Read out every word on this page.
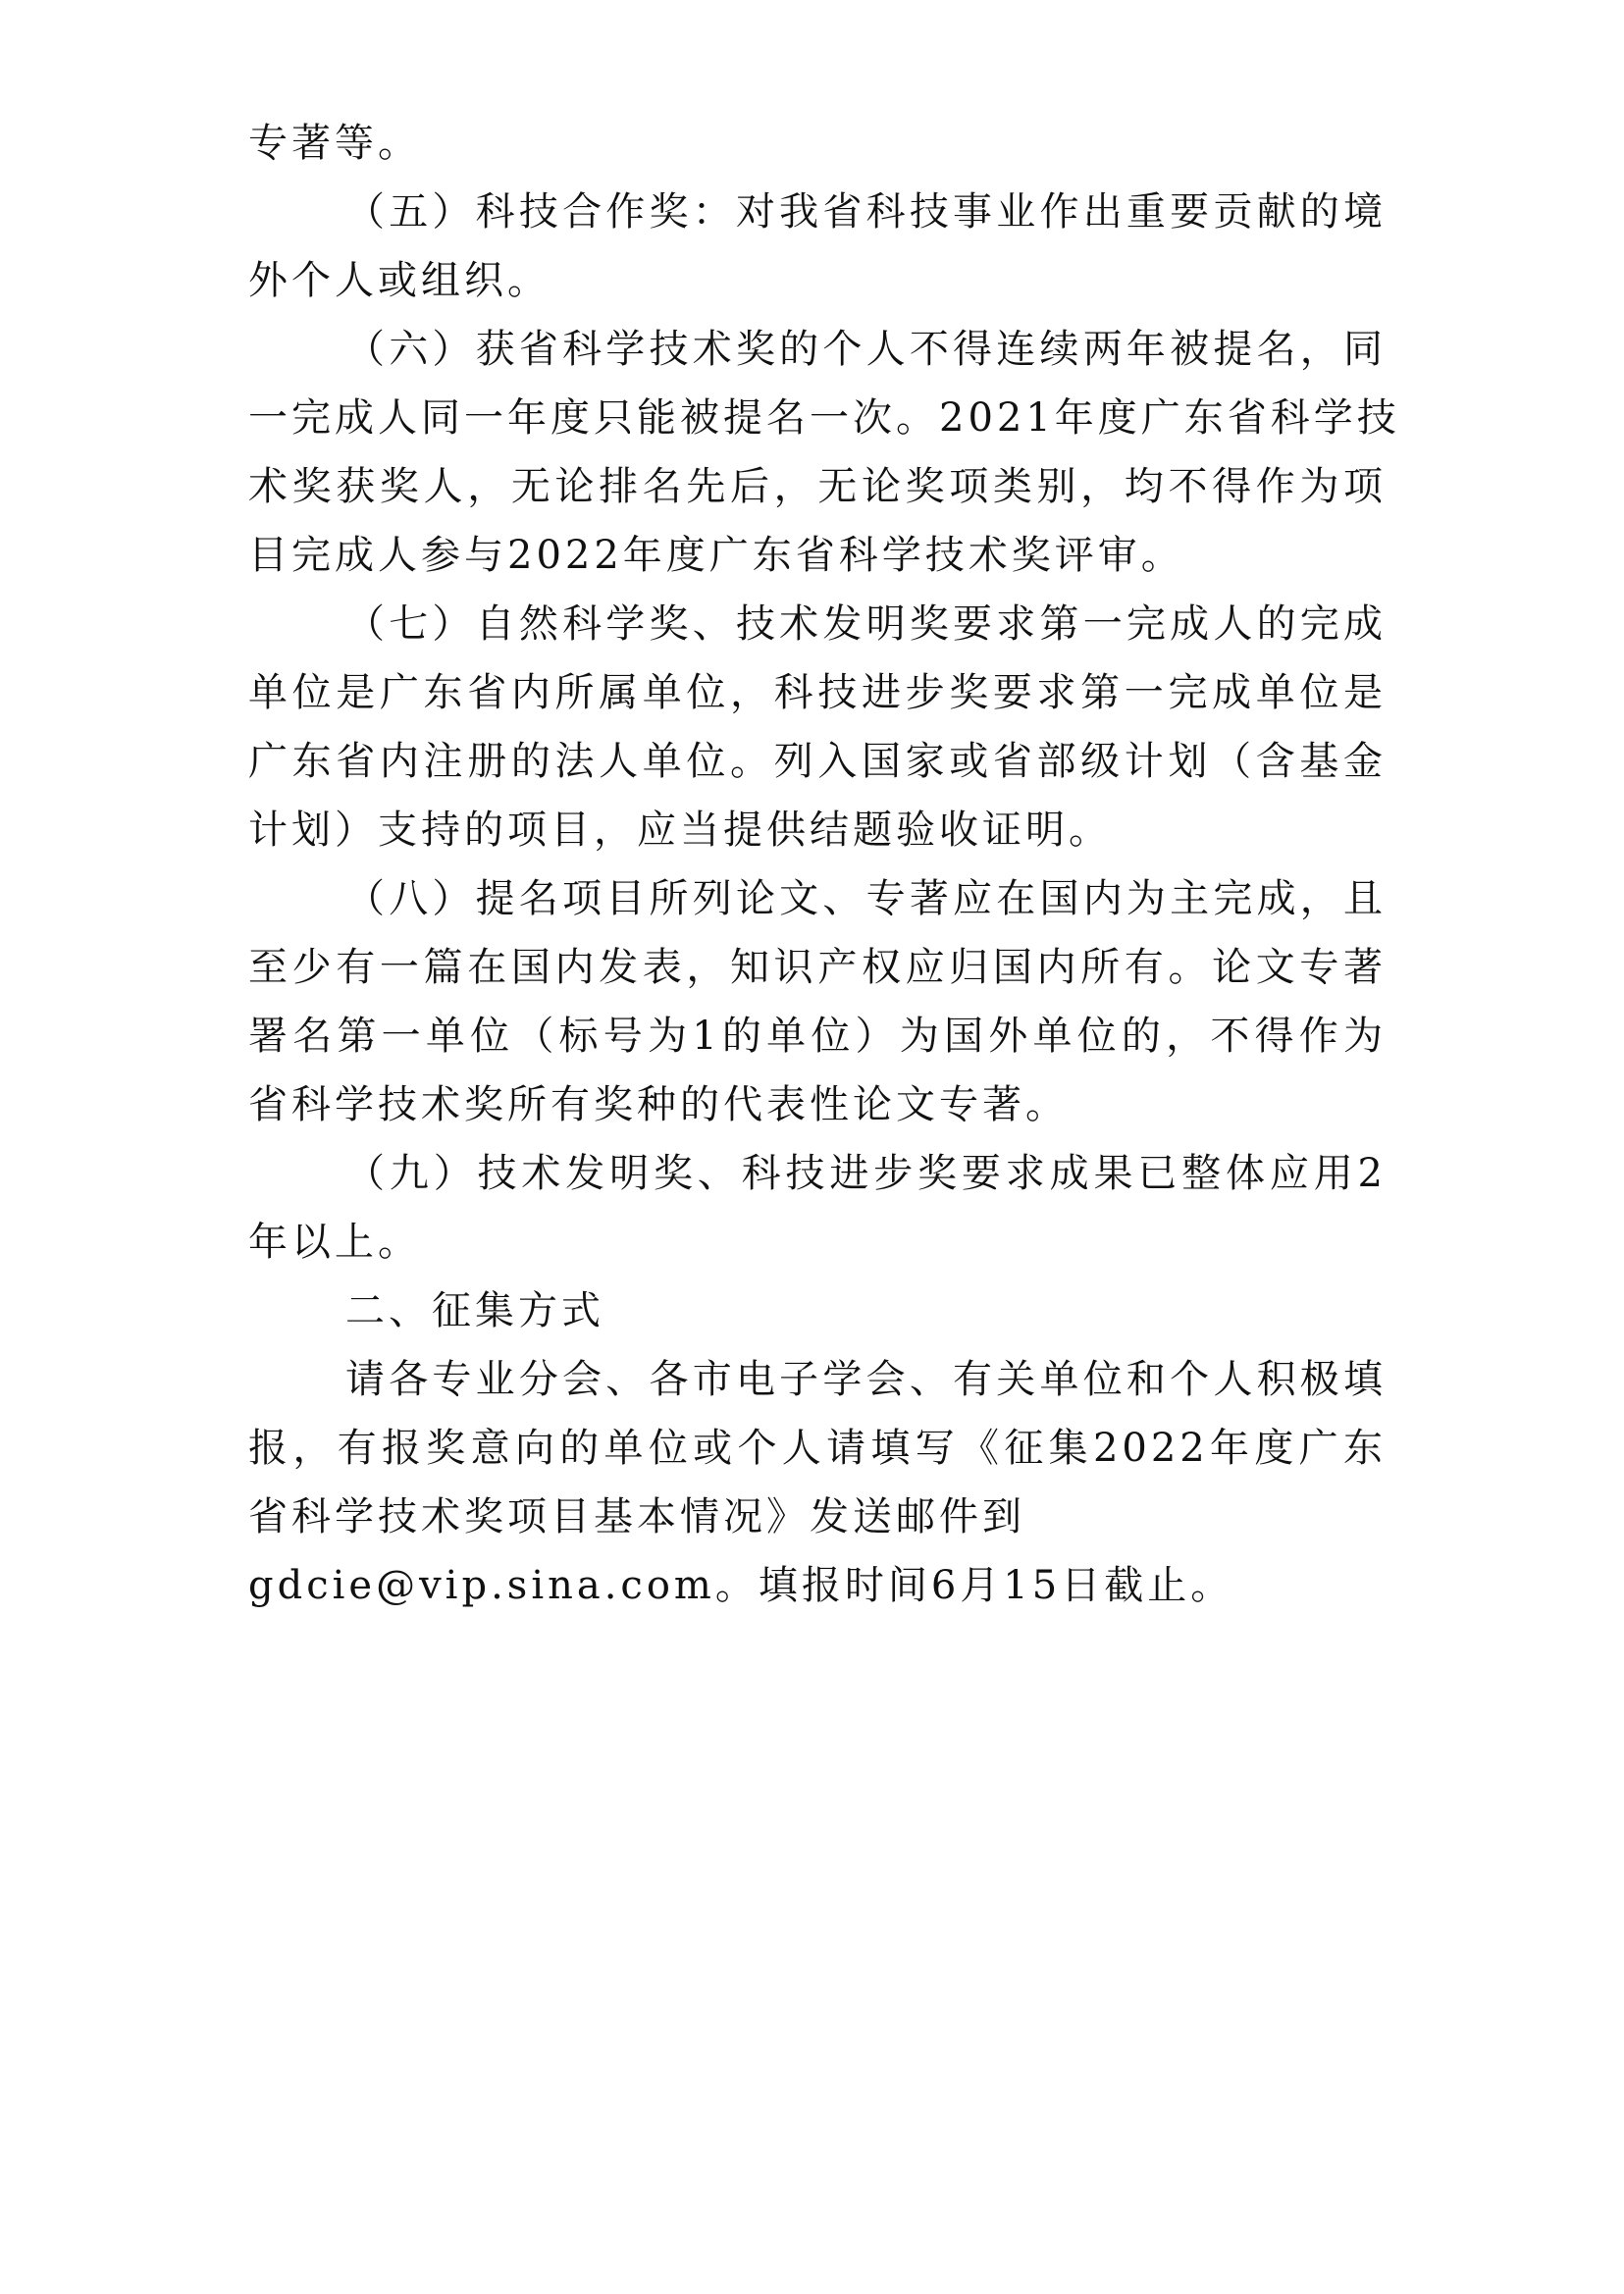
专著等。
（五）科技合作奖：对我省科技事业作出重要贡献的境
外个人或组织。
（六）获省科学技术奖的个人不得连续两年被提名，同
一完成人同一年度只能被提名一次。2021年度广东省科学技
术奖获奖人，无论排名先后，无论奖项类别，均不得作为项
目完成人参与2022年度广东省科学技术奖评审。
（七）自然科学奖、技术发明奖要求第一完成人的完成
单位是广东省内所属单位，科技进步奖要求第一完成单位是
广东省内注册的法人单位。列入国家或省部级计划（含基金
计划）支持的项目，应当提供结题验收证明。
（八）提名项目所列论文、专著应在国内为主完成，且
至少有一篇在国内发表，知识产权应归国内所有。论文专著
署名第一单位（标号为1的单位）为国外单位的，不得作为
省科学技术奖所有奖种的代表性论文专著。
（九）技术发明奖、科技进步奖要求成果已整体应用2
年以上。
二、征集方式
请各专业分会、各市电子学会、有关单位和个人积极填
报，有报奖意向的单位或个人请填写《征集2022年度广东
省科学技术奖项目基本情况》发送邮件到
gdcie@vip.sina.com。填报时间6月15日截止。
